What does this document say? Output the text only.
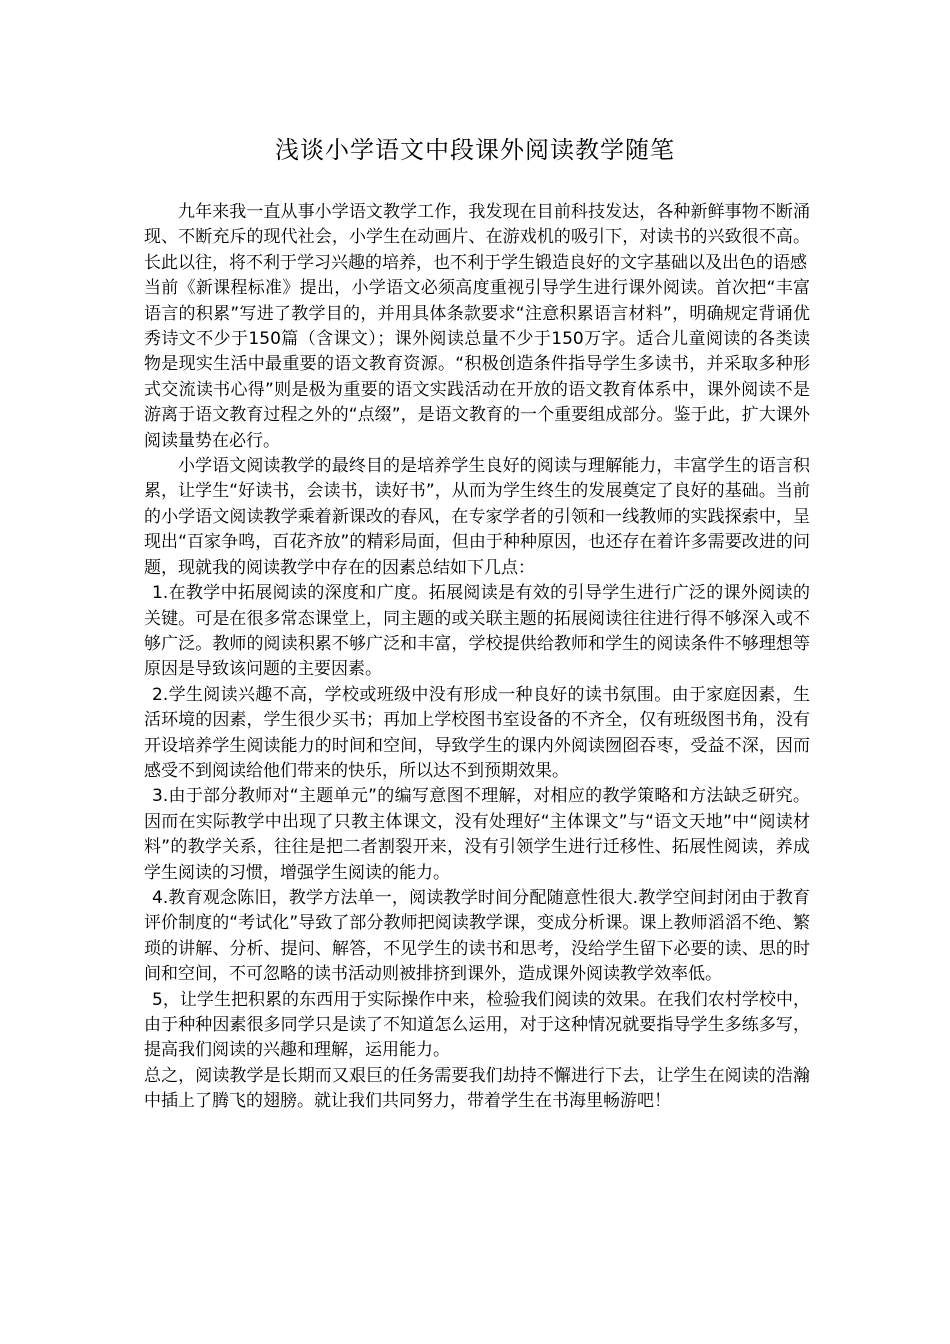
浅谈小学语文中段课外阅读教学随笔

九年来我一直从事小学语文教学工作，我发现在目前科技发达，各种新鲜事物不断涌现、不断充斥的现代社会，小学生在动画片、在游戏机的吸引下，对读书的兴致很不高。长此以往，将不利于学习兴趣的培养，也不利于学生锻造良好的文字基础以及出色的语感

当前《新课程标准》提出，小学语文必须高度重视引导学生进行课外阅读。首次把“丰富语言的积累”写进了教学目的，并用具体条款要求“注意积累语言材料”，明确规定背诵优秀诗文不少于150篇（含课文）；课外阅读总量不少于150万字。适合儿童阅读的各类读物是现实生活中最重要的语文教育资源。“积极创造条件指导学生多读书，并采取多种形式交流读书心得”则是极为重要的语文实践活动在开放的语文教育体系中，课外阅读不是游离于语文教育过程之外的“点缀”，是语文教育的一个重要组成部分。鉴于此，扩大课外阅读量势在必行。

小学语文阅读教学的最终目的是培养学生良好的阅读与理解能力，丰富学生的语言积累，让学生“好读书，会读书，读好书”，从而为学生终生的发展奠定了良好的基础。当前的小学语文阅读教学乘着新课改的春风，在专家学者的引领和一线教师的实践探索中，呈现出“百家争鸣，百花齐放”的精彩局面，但由于种种原因，也还存在着许多需要改进的问题，现就我的阅读教学中存在的因素总结如下几点：

1.在教学中拓展阅读的深度和广度。拓展阅读是有效的引导学生进行广泛的课外阅读的关键。可是在很多常态课堂上，同主题的或关联主题的拓展阅读往往进行得不够深入或不够广泛。教师的阅读积累不够广泛和丰富，学校提供给教师和学生的阅读条件不够理想等原因是导致该问题的主要因素。

2.学生阅读兴趣不高，学校或班级中没有形成一种良好的读书氛围。由于家庭因素，生活环境的因素，学生很少买书；再加上学校图书室设备的不齐全，仅有班级图书角，没有开设培养学生阅读能力的时间和空间，导致学生的课内外阅读囫囵吞枣，受益不深，因而感受不到阅读给他们带来的快乐，所以达不到预期效果。

3.由于部分教师对“主题单元”的编写意图不理解，对相应的教学策略和方法缺乏研究。因而在实际教学中出现了只教主体课文，没有处理好“主体课文”与“语文天地”中“阅读材料”的教学关系，往往是把二者割裂开来，没有引领学生进行迁移性、拓展性阅读，养成学生阅读的习惯，增强学生阅读的能力。

4.教育观念陈旧，教学方法单一，阅读教学时间分配随意性很大.教学空间封闭由于教育评价制度的“考试化”导致了部分教师把阅读教学课，变成分析课。课上教师滔滔不绝、繁琐的讲解、分析、提问、解答，不见学生的读书和思考，没给学生留下必要的读、思的时间和空间，不可忽略的读书活动则被排挤到课外，造成课外阅读教学效率低。

5，让学生把积累的东西用于实际操作中来，检验我们阅读的效果。在我们农村学校中，由于种种因素很多同学只是读了不知道怎么运用，对于这种情况就要指导学生多练多写，提高我们阅读的兴趣和理解，运用能力。

总之，阅读教学是长期而又艰巨的任务需要我们劫持不懈进行下去，让学生在阅读的浩瀚中插上了腾飞的翅膀。就让我们共同努力，带着学生在书海里畅游吧！
